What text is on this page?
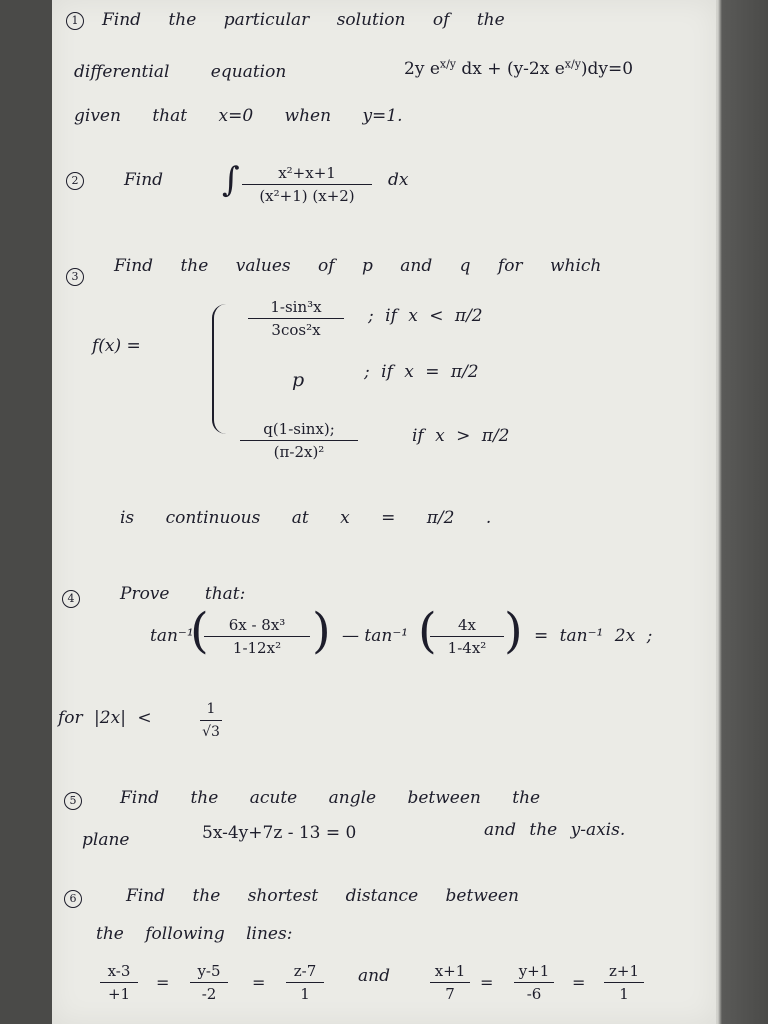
1	Find the particular solution of the
differential equation	2y $e^{x/y}$ dx + (y-2x $e^{x/y})dy=0$
given that x=0 when y=1.
2	Find ∫	x²+x+1
(x²+1) (x+2)
dx
3
Find the values of p and q for which
f(x) =
1-sin³x
3cos²x
; if x < π/2
p	; if x = π/2
q(1-sinx);
(π-2x)²
if x > π/2
is continuous at x = π/2 .
4	Prove that:
tan⁻¹
(	6x - 8x³
1-12x² ) — tan⁻¹ (	4x
1-4x² ) = tan⁻¹ 2x ;
for |2x| <	1
√3
5	Find the acute angle between the
plane	5x-4y+7z - 13 = 0	and the y-axis.
6	Find the shortest distance between
the following lines:
x-3
+1
=
y-5
-2
=
z-7
1
and	x+1
7
=
y+1
-6
=
z+1
1
